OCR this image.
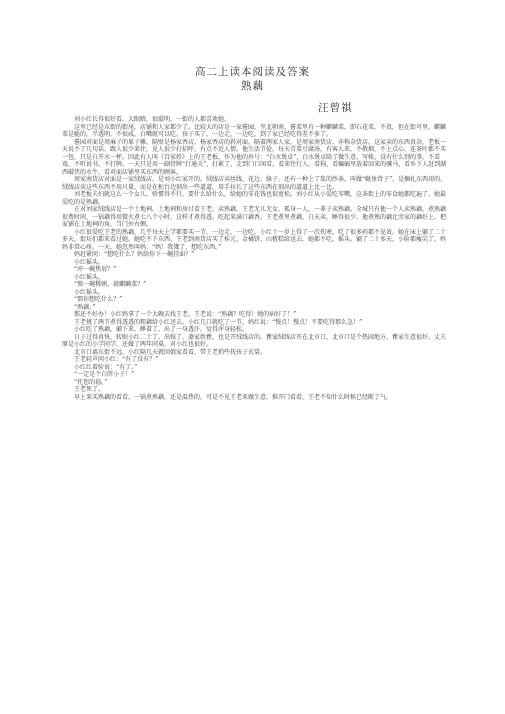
高二上读本阅读及答案
熟藕
汪曾祺

刘小红长得很好看，大眼睛，很聪明，一街的人都喜欢她。

这里已经是东街的街尾，店铺和人家都少了。比较大的店是一家酱园，坐北朝南，酱菜里有一种麒麟菜，即石花菜，不贵，但在街可里。麒麟菜是脆的，半透明，不很咸，白嘴就可以吃。孩子买了，一边走，一边吃，到了家已经吃得差不多了。

酱园对面是周麻子的果子摊。隔壁是杨家香店。杨家香店的斜对面，隔着两家人家，是周家南货店，亦称杂货店。这家卖的东西真杂，老板一天说不了几句话，跟人很少来往，见人很少打招呼，有点不近人情。他生活节俭，每天青菜豆腐汤，有客人来，不敬烟，不上点心，连茶叶都不买一包，只是白开水一杯。因此有人叫《百家姓》上的王老板，作为他的外号：“白水煲卓”，白水煲卓除了做生意，写帐，没有什么别的事。不看戏，不听说书，不打牌。一天只是用一副骨牌“打通关”，打累了，走到门口闲看，看来往行人，看狗，看蝙蝠里放着回来的骡马，看乡下人赶到湖西破伏的水牛，看对面店铺里买东西的顾客。

周家南货店对面是一家绒线店，是刘小红家开的。绒线店卖丝线、花边、绦子，还有一种上了浆的纱条，叫做“鲢鱼骨子”，是捆扎东西用的。绒线店卖这些东西不用尺量，而是在柜台边刻出一些道道，用手拉长了这些东西在刻出的道道上比一比。

刘老板夫妇就这么一个女儿，娇惯得不行，要什么给什么，给她的零花钱也很宽松。刘小红从小爱吃零嘴，这条街上的零食她都吃遍了。她最爱吃的是熟藕。

正对刘家绒线店是一个土地祠。土地祠和房甘看王老，卖熟藕。王老无儿无女，孤身一人，一辈子卖熟藕。全城只有他一个人卖熟藕。煮熟藕很费时间，一锅藕得用微火煮七八个小时，这样才煮得透。吃起来满口藕香。王老煮里煮藕，白天卖，睡得很少。他煮熟的藕比旁家的藕好上。把家铺在土地祠的角，当门外右侧。

小红很爱吃王老的熟藕，几乎每天上学都要买一节，一边走，一边吃。小红十一岁上得了一次伤寒，吃了很多药都不见效。她在床上躺了二十多天，街坊们都来看过她。她吃不下东西。王老到南货店买了桂元、金橘饼、山楂糕给送去，她都不吃，摇头。躺了二十多天，小脸都瘦尖了，妈妈非常心疼。一天，她忽然叫妈：“妈！我饿了，想吃东西。”

妈赶紧问：“想吃什么？妈给你下一碗挂面？”

小红摇头。

“冲一碗焦屑？”

小红摇头。

“熬一碗稀粥，就麒麟菜？”

小红摇头。

“那你想吃什么？”

“熟藕。”

那还不好办！小红妈拿了一个大碗去找王老，王老说：“熟藕？吃得！她的病好了！”

王老挑了两节煮得透透的粗藕给小红送去。小红几口就吃了一节，妈红说：“慢点！慢点！不要吃得那么急！”

小红吃了熟藕，躺下来，睡着了，出了一身透汗，觉得浑身轻松。

日子过得真快，转眼小红二十了，出嫁了，婆家姓瞿，也是开绒线店的。瞿家绒线店开在北市口，北市口是个热闹地方，瞿家生意很好。丈夫原是小红的小学同学，还做了两年同桌，对小红也很好。

北市口离东街不远，小红隔几天就回娘家看看，带王老捎些抚孩子衣裳。

王老轻声问小红：“有了没有？”

小红红着脸说：“有了。”

“一定是个白胖小子！”

“托您的福。”

王老死了。

早上来买熟藕的看看，一锅煮熟藕，还是温热的，可是不见王老来做生意，推开门看看，王老不知什么时候已经断了气。
